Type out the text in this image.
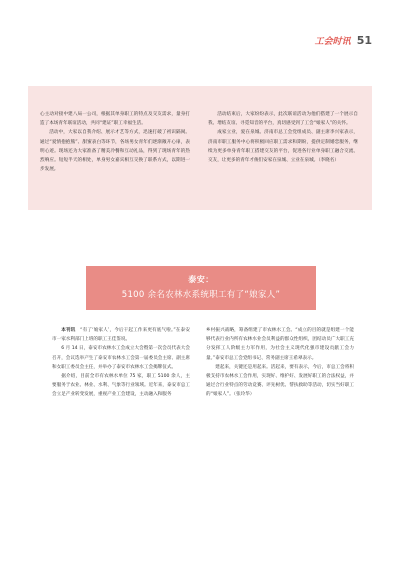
工会时讯 51

心主动对接中建八局一公司，根据其单身职工的特点及交友需求，量身打造了本场青年联谊活动，共同“建证”职工幸福生活。

活动中，大家以自我介绍、展示才艺等方式，迅速打破了初识隔阂。通过“爱情抱抱熊”、甜蜜表白等环节，各场男女青年们逐渐敞开心扉，表明心迹。现场还为大家准备了精美冷餐和互动礼品，得到了现场青年的热烈响应。短短半天的相处，单身男女嘉宾相互交换了联系方式，以期进一步发展。

活动结束后，大家纷纷表示，此次联谊活动为他们搭建了一个展示自我、增结友谊、寻觅知音的平台，真切感受到了工会“娘家人”的关怀。

成家立业，爱在泉城。济南市总工会党组成员、副主席李兴家表示，济南市职工服务中心将积极回应职工需求和期盼，提供定制婚恋服务，继续为更多单身青年职工搭建交友的平台，促进各行业单身职工融合交流、交友，让更多的青年才俊们安家在泉城、立业在泉城。（李晓名）

泰安：
5100 余名农林水系统职工有了“娘家人”

本刊讯　 “有了‘娘家人’，今后干起工作来更有底气啦。”在泰安市一家水利部门上班的职工王佳鉴说。

6 月 14 日，泰安市农林水工会成立大会暨第一次会员代表大会召开，会议选举产生了泰安市农林水工会第一届委员会主席、副主席和女职工委员会主任，并举办了泰安市农林水工会揭牌仪式。

据介绍，目前全市有农林水单位 75 家，职工 5100 余人，主要服务于农业、林业、水利、气象等行业领域。近年来，泰安市总工会立足产业转变发展，重视产业工会建设，主动融入和服务

乡村振兴战略，筹备组建了市农林水工会。“成立的目的就是组建一个能够代表行业内所有农林水业会员利益的群众性组织，团结动员广大职工充分发挥工人阶级主力军作用，为社会主义现代化强市建设贡献工会力量。”泰安市总工会党组书记、常务副主席王希翠表示。

建起来，关键还是用起来。活起来，要有表示，今后，市总工会将积极支持市农林水工会作用，实现好、维护好、发展好职工的合法权益，并通过合行业特点的劳动竞赛、评先树优、帮扶救助等活动，切实当好职工的“娘家人”。（张玲华）
